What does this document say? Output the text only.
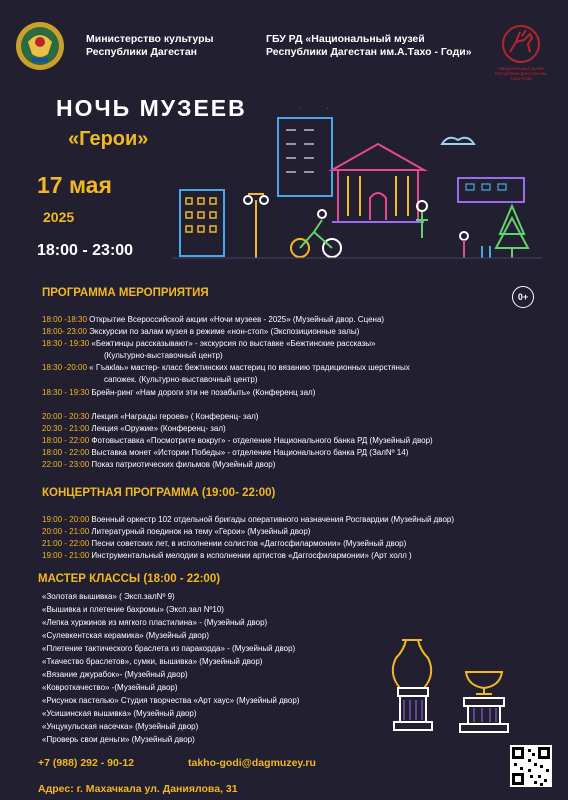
Министерство культуры
Республики Дагестан
ГБУ РД «Национальный музей
Республики Дагестан им.А.Тахо - Годи»
Национальный музей Республики Дагестан им. Тахо-Годи
НОЧЬ МУЗЕЕВ
«Герои»
17 мая
2025
18:00 - 23:00
ПРОГРАММА МЕРОПРИЯТИЯ	0+
18:00 -18:30 Открытие Всероссийской акции «Ночи музеев - 2025» (Музейный двор. Сцена)
18:00- 23:00 Экскурсии по залам музея в режиме «нон-стоп» (Экспозиционные залы)
18:30 - 19:30 «Бежтинцы рассказывают» - экскурсия по выставке «Бежтинские рассказы»
(Культурно-выставочный центр)
18:30 -20:00 « ГъакIаь» мастер- класс бежтинских мастериц по вязанию традиционных шерстяных
сапожек. (Культурно-выставочный центр)
18:30 - 19:30 Брейн-ринг «Нам дороги эти не позабыть» (Конференц зал)
20:00 - 20:30 Лекция «Награды героев» ( Конференц- зал)
20:30 - 21:00 Лекция «Оружие» (Конференц- зал)
18:00 - 22:00 Фотовыставка «Посмотрите вокруг» - отделение Национального банка РД (Музейный двор)
18:00 - 22:00 Выставка монет «Истории Победы» - отделение Национального банка РД (ЗалNº 14)
22:00 - 23:00 Показ патриотических фильмов (Музейный двор)
КОНЦЕРТНАЯ ПРОГРАММА (19:00- 22:00)
19:00 - 20:00 Военный оркестр 102 отдельной бригады оперативного назначения Росгвардии (Музейный двор)
20:00 - 21:00 Литературный поединок на тему «Герои» (Музейный двор)
21:00 - 22:00 Песни советских лет, в исполнении солистов «Даггосфилармонии» (Музейный двор)
19:00 - 21:00 Инструментальный мелодии в исполнении артистов «Даггосфилармонии» (Арт холл )
МАСТЕР КЛАССЫ (18:00 - 22:00)
«Золотая вышивка» ( Эксп.залNº 9)
«Вышивка и плетение бахромы» (Эксп.зал Nº10)
«Лепка хуржинов из мягкого пластилина» - (Музейный двор)
«Сулевкентская керамика» (Музейный двор)
«Плетение тактического браслета из паракорда» - (Музейный двор)
«Ткачество браслетов», сумки, вышивка» (Музейный двор)
«Вязание джурабок»- (Музейный двор)
«Ковроткачество» -(Музейный двор)
«Рисунок пастелью» Студия творчества «Арт хаус» (Музейный двор)
«Усишинская вышивка» (Музейный двор)
«Унцукульская насечка» (Музейный двор)
«Проверь свои деньги» (Музейный двор)
+7 (988) 292 - 90-12	takho-godi@dagmuzey.ru
Адрес: г. Махачкала ул. Даниялова, 31
